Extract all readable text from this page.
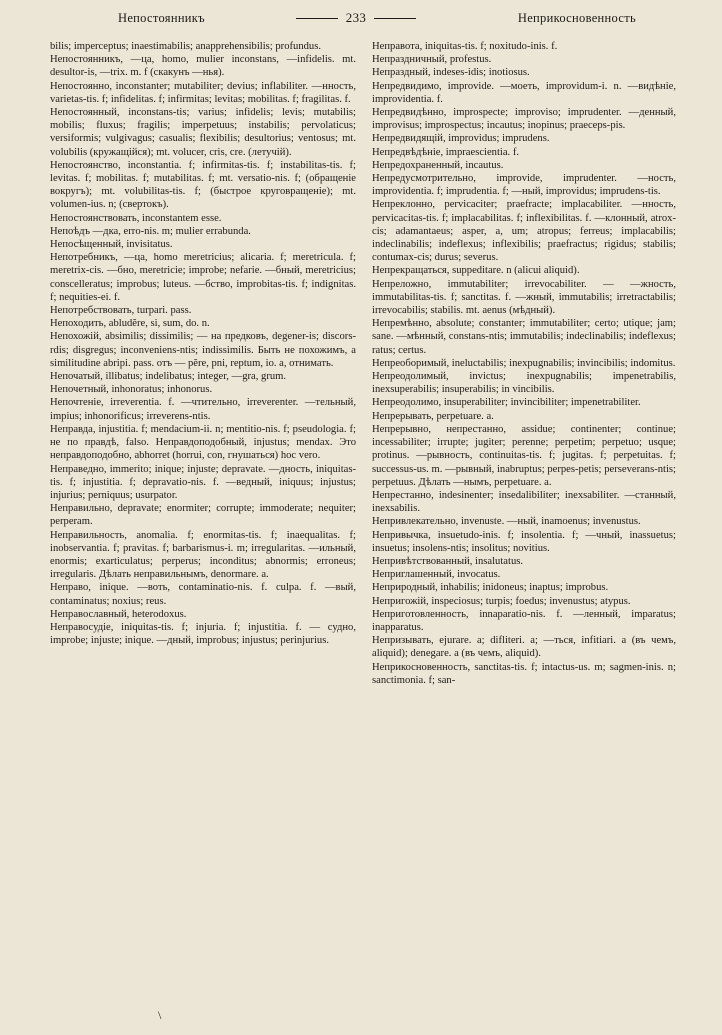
Непостоянникъ	233	Неприкосновенность

bilis; imperceptus; inaestimabilis; anapprehensibilis; profundus.

Непостоянникъ, —ца, homo, mulier inconstans, —infidelis. mt. desultor-is, —trix. m. f (скакунъ —нья).

Непостоянно, inconstanter; mutabiliter; devius; inflabiliter. —нность, varietas-tis. f; infidelitas. f; infirmitas; levitas; mobilitas. f; fragilitas. f.

Непостоянный, inconstans-tis; varius; infidelis; levis; mutabilis; mobilis; fluxus; fragilis; imperpetuus; instabilis; pervolaticus; versiformis; vulgivagus; casualis; flexibilis; desultorius; ventosus; mt. volubilis (кружащійся); mt. volucer, cris, cre. (летучій).

Непостоянство, inconstantia. f; infirmitas-tis. f; instabilitas-tis. f; levitas. f; mobilitas. f; mutabilitas. f; mt. versatio-nis. f; (обращеніе вокругъ); mt. volubilitas-tis. f; (быстрое круговращеніе); mt. volumen-ius. n; (свертокъ).

Непостоянствовать, inconstantem esse.

Непоѣдъ —дка, erro-nis. m; mulier errabunda.

Непосѣщенный, invisitatus.

Непотребникъ, —ца, homo meretricius; alicaria. f; meretricula. f; meretrix-cis. —бно, meretricie; improbe; nefarie. —бный, meretricius; conscelleratus; improbus; luteus. —бство, improbitas-tis. f; indignitas. f; nequities-ei. f.

Непотребствовать, turpari. pass.

Непоходить, abludĕre, si, sum, do. n.

Непохожій, absimilis; dissimilis; — на предковъ, degener-is; discors-rdis; disgregus; inconveniens-ntis; indissimilis. Быть не похожимъ, a similitudine abripi. pass. отъ — pĕre, pni, reptum, io. a, отнимать.

Непочатый, illibatus; indelibatus; integer, —gra, grum.

Непочетный, inhonoratus; inhonorus.

Непочтеніе, irreverentia. f. —чтительно, irreverenter. —тельный, impius; inhonorificus; irreverens-ntis.

Неправда, injustitia. f; mendacium-ii. n; mentitio-nis. f; pseudologia. f; не по правдѣ, falso. Неправдоподобный, injustus; mendax. Это неправдоподобно, abhorret (horrui, con, гнушаться) hoc vero.

Неправедно, immerito; inique; injuste; depravate. —дность, iniquitas-tis. f; injustitia. f; depravatio-nis. f. —ведный, iniquus; injustus; injurius; perniquus; usurpator.

Неправильно, depravate; enormiter; corrupte; immoderate; nequiter; perperam.

Неправильность, anomalia. f; enormitas-tis. f; inaequalitas. f; inobservantia. f; pravitas. f; barbarismus-i. m; irregularitas. —ильный, enormis; exarticulatus; perperus; inconditus; abnormis; erroneus; irregularis. Дѣлать неправильнымъ, denormare. a.

Неправо, inique. —воть, contaminatio-nis. f. culpa. f. —вый, contaminatus; noxius; reus.

Неправославный, heterodoxus.

Неправосудіе, iniquitas-tis. f; injuria. f; injustitia. f. — судно, improbe; injuste; inique. —дный, improbus; injustus; perinjurius.

Неправота, iniquitas-tis. f; noxitudo-inis. f.

Непраздничный, profestus.

Непраздный, indeses-idis; inotiosus.

Непредвидимо, improvide. —моеть, improvidum-i. n. —видѣніе, improvidentia. f.

Непредвидѣнно, improspecte; improviso; imprudenter. —денный, improvisus; improspectus; incautus; inopinus; praeceps-pis.

Непредвидящій, improvidus; imprudens.

Непредвѣдѣніе, impraescientia. f.

Непредохраненный, incautus.

Непредусмотрительно, improvide, imprudenter. —ность, improvidentia. f; imprudentia. f; —ный, improvidus; imprudens-tis.

Непреклонно, pervicaciter; praefracte; implacabiliter. —нность, pervicacitas-tis. f; implacabilitas. f; inflexibilitas. f. —клонный, atrox-cis; adamantaeus; asper, a, um; atropus; ferreus; implacabilis; indeclinabilis; indeflexus; inflexibilis; praefractus; rigidus; stabilis; contumax-cis; durus; severus.

Непрекращаться, suppeditare. n (alicui aliquid).

Непреложно, immutabiliter; irrevocabiliter. — —жность, immutabilitas-tis. f; sanctitas. f. —жный, immutabilis; irretractabilis; irrevocabilis; stabilis. mt. aenus (мѣдный).

Непремѣнно, absolute; constanter; immutabiliter; certo; utique; jam; sane. —мѣнный, constans-ntis; immutabilis; indeclinabilis; indeflexus; ratus; certus.

Непреоборимый, ineluctabilis; inexpugnabilis; invincibilis; indomitus.

Непреодолимый, invictus; inexpugnabilis; impenetrabilis, inexsuperabilis; insuperabilis; in vincibilis.

Непреодолимо, insuperabiliter; invincibiliter; impenetrabiliter.

Непрерывать, perpetuare. a.

Непрерывно, непрестанно, assidue; continenter; continue; incessabiliter; irrupte; jugiter; perenne; perpetim; perpetuo; usque; protinus. —рывность, continuitas-tis. f; jugitas. f; perpetuitas. f; successus-us. m. —рывный, inabruptus; perpes-petis; perseverans-ntis; perpetuus. Дѣлать —нымъ, perpetuare. a.

Непрестанно, indesinenter; insedalibiliter; inexsabiliter. —станный, inexsabilis.

Непривлекательно, invenuste. —ный, inamoenus; invenustus.

Непривычка, insuetudo-inis. f; insolentia. f; —чный, inassuetus; insuetus; insolens-ntis; insolitus; novitius.

Непривѣтствованный, insalutatus.

Неприглашенный, invocatus.

Неприродный, inhabilis; inidoneus; inaptus; improbus.

Непригожій, inspeciosus; turpis; foedus; invenustus; atypus.

Неприготовленность, innaparatio-nis. f. —ленный, imparatus; inapparatus.

Непризывать, ejurare. a; difliteri. a; —ться, infitiari. a (въ чемъ, aliquid); denegare. a (въ чемъ, aliquid).

Неприкосновенность, sanctitas-tis. f; intactus-us. m; sagmen-inis. n; sanctimonia. f; san-

\
